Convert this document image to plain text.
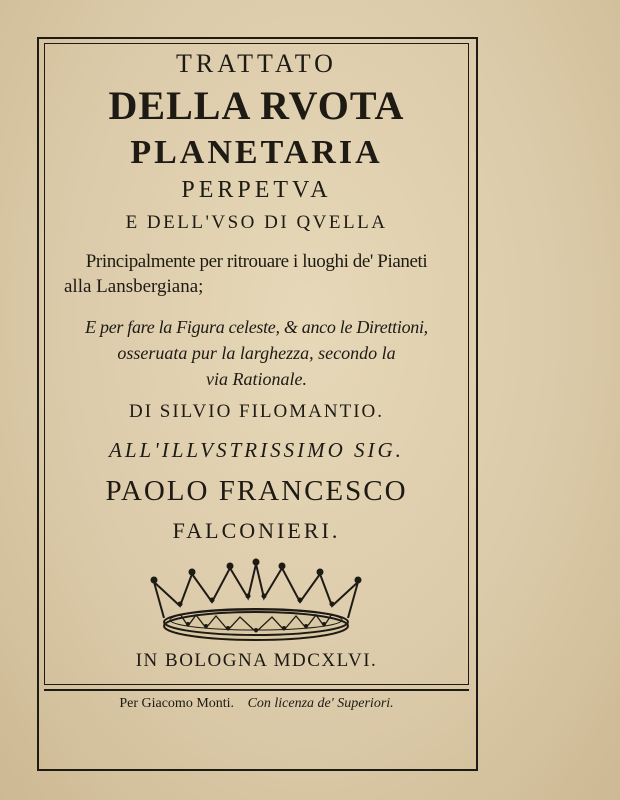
TRATTATO
DELLA RVOTA
PLANETARIA
PERPETVA
E DELL'VSO DI QVELLA
Principalmente per ritrouare i luoghi de' Pianeti
alla Lansbergiana;
E per fare la Figura celeste, & anco le Direttioni,
osseruata pur la larghezza, secondo la
via Rationale.
DI SILVIO FILOMANTIO.
ALL'ILLVSTRISSIMO SIG.
PAOLO FRANCESCO
FALCONIERI.
IN BOLOGNA MDCXLVI.
Per Giacomo Monti. Con licenza de' Superiori.
